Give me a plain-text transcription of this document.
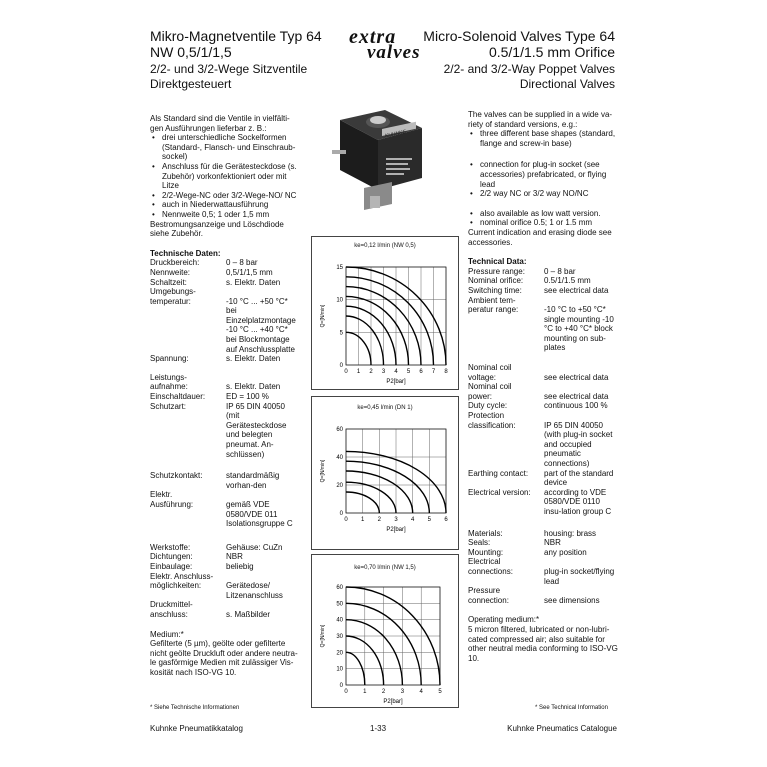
Mikro-Magnetventile Typ 64
NW 0,5/1/1,5
2/2- und 3/2-Wege Sitzventile
Direktgesteuert
Micro-Solenoid Valves Type 64
0.5/1/1.5 mm Orifice
2/2- and 3/2-Way Poppet Valves
Directional Valves
extra
valves
KUHNKE
Als Standard sind die Ventile in vielfälti-gen Ausführungen lieferbar z. B.:
• drei unterschiedliche Sockelformen (Standard-, Flansch- und Einschraub-sockel)
• Anschluss für die Gerätesteckdose (s. Zubehör) vorkonfektioniert oder mit Litze
• 2/2-Wege-NC oder 3/2-Wege-NO/ NC
• auch in Niederwattausführung
• Nennweite 0,5; 1 oder 1,5 mm
Bestromungsanzeige und Löschdiode siehe Zubehör.
Technische Daten:
Druckbereich:	0 – 8 bar
Nennweite:	0,5/1/1,5 mm
Schaltzeit:	s. Elektr. Daten
Umgebungs-	
temperatur:	-10 °C ... +50 °C* bei Einzelplatzmontage -10 °C ... +40 °C* bei Blockmontage auf Anschlussplatte
Spannung:	s. Elektr. Daten
Leistungs-	
aufnahme:	s. Elektr. Daten
Einschaltdauer:	ED = 100 %
Schutzart:	IP 65 DIN 40050 (mit Gerätesteckdose und belegten pneumat. An-schlüssen)
Schutzkontakt:	standardmäßig vorhan-den
Elektr.	
Ausführung:	gemäß VDE 0580/VDE 011 Isolationsgruppe C
Werkstoffe:	Gehäuse: CuZn
Dichtungen:	NBR
Einbaulage:	beliebig
Elektr. Anschluss-	
möglichkeiten:	Gerätedose/ Litzenanschluss
Druckmittel-	
anschluss:	s. Maßbilder
Medium:*
Gefilterte (5 µm), geölte oder gefilterte nicht geölte Druckluft oder andere neutra-le gasförmige Medien mit zulässiger Vis-kosität nach ISO-VG 10.
* Siehe Technische Informationen
The valves can be supplied in a wide va-riety of standard versions, e.g.:
• three different base shapes (standard, flange and screw-in base)
• connection for plug-in socket (see accessories) prefabricated, or flying lead
• 2/2 way NC or 3/2 way NO/NC
• also available as low watt version.
• nominal orifice 0.5; 1 or 1.5 mm
Current indication and erasing diode see accessories.
Technical Data:
Pressure range:	0 – 8 bar
Nominal orifice:	0.5/1/1.5 mm
Switching time:	see electrical data
Ambient tem-	
peratur range:	-10 °C to +50 °C* single mounting -10 °C to +40 °C* block mounting on sub-plates
Nominal coil	
voltage:	see electrical data
Nominal coil	
power:	see electrical data
Duty cycle:	continuous 100 %
Protection	
classification:	IP 65 DIN 40050 (with plug-in socket and occupied pneumatic connections)
Earthing contact:	part of the standard device
Electrical version:	according to VDE 0580/VDE 0110 insu-lation group C
Materials:	housing: brass
Seals:	NBR
Mounting:	any position
Electrical	
connections:	plug-in socket/flying lead
Pressure	
connection:	see dimensions
Operating medium:*
5 micron filtered, lubricated or non-lubri-cated compressed air; also suitable for other neutral media conforming to ISO-VG 10.
* See Technical Information
ke=0,12 l/min (NW 0,5)
0 1 2 3 4 5 6 7 8
0
5
10
15
P2[bar]
Q=[N/min]
ke=0,45 l/min (DN 1)
0 1 2 3 4 5 6
0
20
40
60
P2[bar]
Q=[N/min]
ke=0,70 l/min (NW 1,5)
0	1	2	3	4	5
0
10
20
30
40
50
60
P2[bar]
Q=[N/min]
Kuhnke Pneumatikkatalog	1-33	Kuhnke Pneumatics Catalogue
